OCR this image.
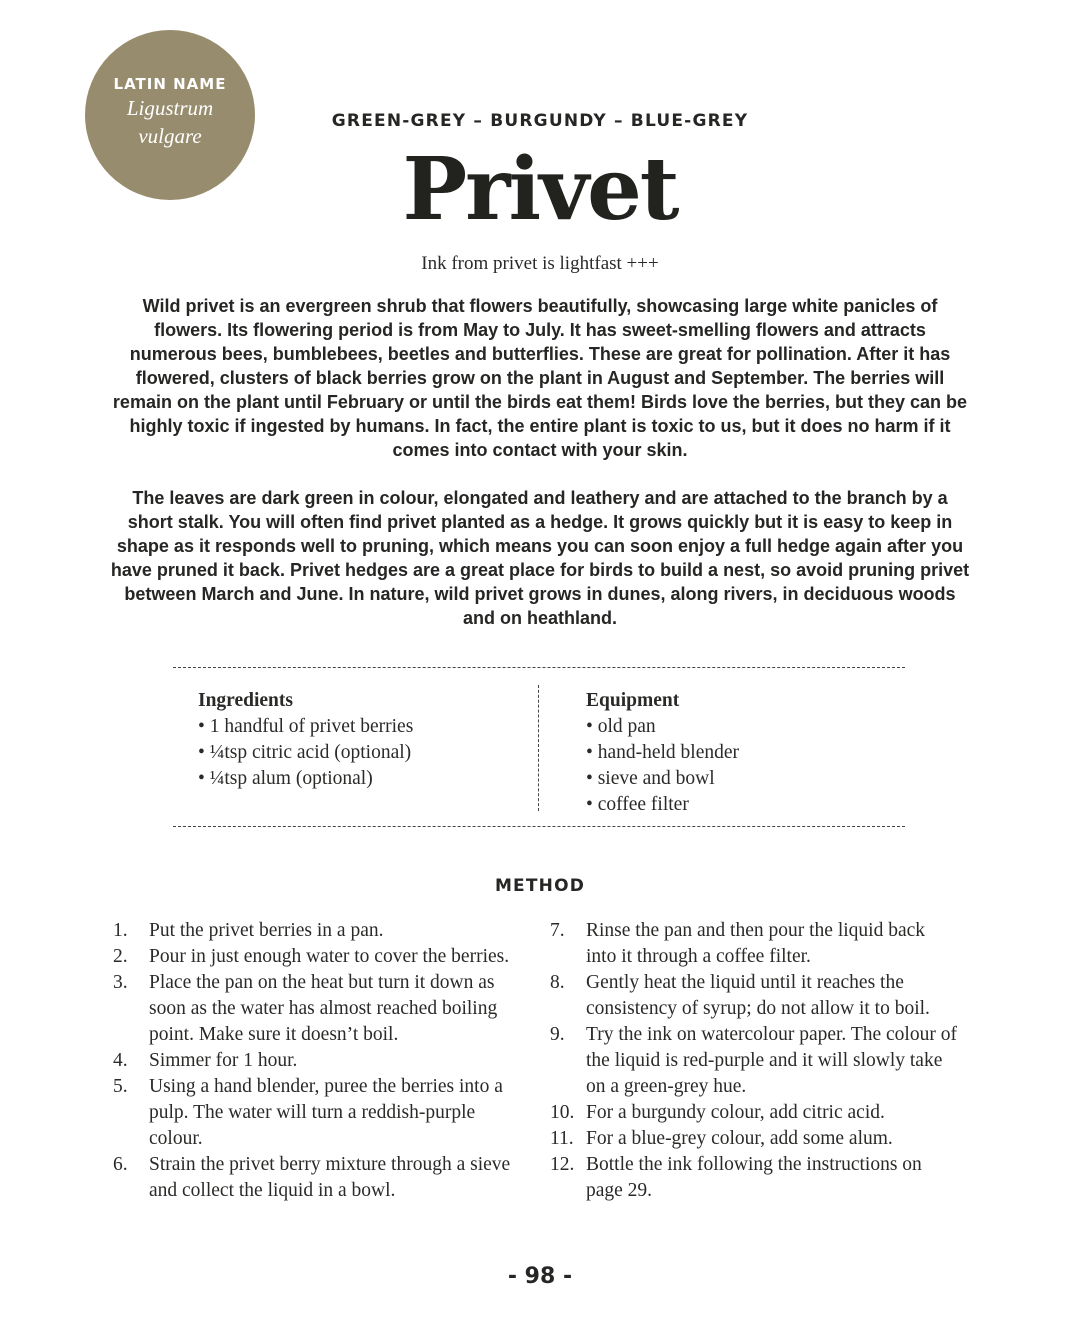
LATIN NAME
Ligustrum
vulgare
GREEN-GREY – BURGUNDY – BLUE-GREY
Privet
Ink from privet is lightfast +++

Wild privet is an evergreen shrub that flowers beautifully, showcasing large white panicles of flowers. Its flowering period is from May to July. It has sweet-smelling flowers and attracts numerous bees, bumblebees, beetles and butterflies. These are great for pollination. After it has flowered, clusters of black berries grow on the plant in August and September. The berries will remain on the plant until February or until the birds eat them! Birds love the berries, but they can be highly toxic if ingested by humans. In fact, the entire plant is toxic to us, but it does no harm if it comes into contact with your skin.

The leaves are dark green in colour, elongated and leathery and are attached to the branch by a short stalk. You will often find privet planted as a hedge. It grows quickly but it is easy to keep in shape as it responds well to pruning, which means you can soon enjoy a full hedge again after you have pruned it back. Privet hedges are a great place for birds to build a nest, so avoid pruning privet between March and June. In nature, wild privet grows in dunes, along rivers, in deciduous woods and on heathland.

Ingredients
• 1 handful of privet berries
• ¼tsp citric acid (optional)
• ¼tsp alum (optional)
Equipment
• old pan
• hand-held blender
• sieve and bowl
• coffee filter
METHOD
1.	Put the privet berries in a pan.
2.	Pour in just enough water to cover the berries.
3.	Place the pan on the heat but turn it down as soon as the water has almost reached boiling point. Make sure it doesn’t boil.
4.	Simmer for 1 hour.
5.	Using a hand blender, puree the berries into a pulp. The water will turn a reddish-purple colour.
6.	Strain the privet berry mixture through a sieve and collect the liquid in a bowl.
7.	Rinse the pan and then pour the liquid back into it through a coffee filter.
8.	Gently heat the liquid until it reaches the consistency of syrup; do not allow it to boil.
9.	Try the ink on watercolour paper. The colour of the liquid is red-purple and it will slowly take on a green-grey hue.
10. For a burgundy colour, add citric acid.
11. For a blue-grey colour, add some alum.
12. Bottle the ink following the instructions on page 29.
- 98 -
